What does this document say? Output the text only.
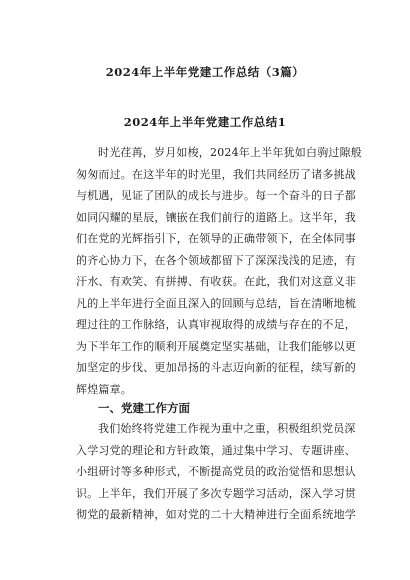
2024年上半年党建工作总结（3篇）
2024年上半年党建工作总结1
时光荏苒，岁月如梭，2024年上半年犹如白驹过隙般
匆匆而过。在这半年的时光里，我们共同经历了诸多挑战
与机遇，见证了团队的成长与进步。每一个奋斗的日子都
如同闪耀的星辰，镶嵌在我们前行的道路上。这半年，我
们在党的光辉指引下，在领导的正确带领下，在全体同事
的齐心协力下，在各个领域都留下了深深浅浅的足迹，有
汗水、有欢笑、有拼搏、有收获。在此，我们对这意义非
凡的上半年进行全面且深入的回顾与总结，旨在清晰地梳
理过往的工作脉络，认真审视取得的成绩与存在的不足，
为下半年工作的顺利开展奠定坚实基础，让我们能够以更
加坚定的步伐、更加昂扬的斗志迈向新的征程，续写新的
辉煌篇章。
一、党建工作方面
我们始终将党建工作视为重中之重，积极组织党员深
入学习党的理论和方针政策，通过集中学习、专题讲座、
小组研讨等多种形式，不断提高党员的政治觉悟和思想认
识。上半年，我们开展了多次专题学习活动，深入学习贯
彻党的最新精神，如对党的二十大精神进行全面系统地学
